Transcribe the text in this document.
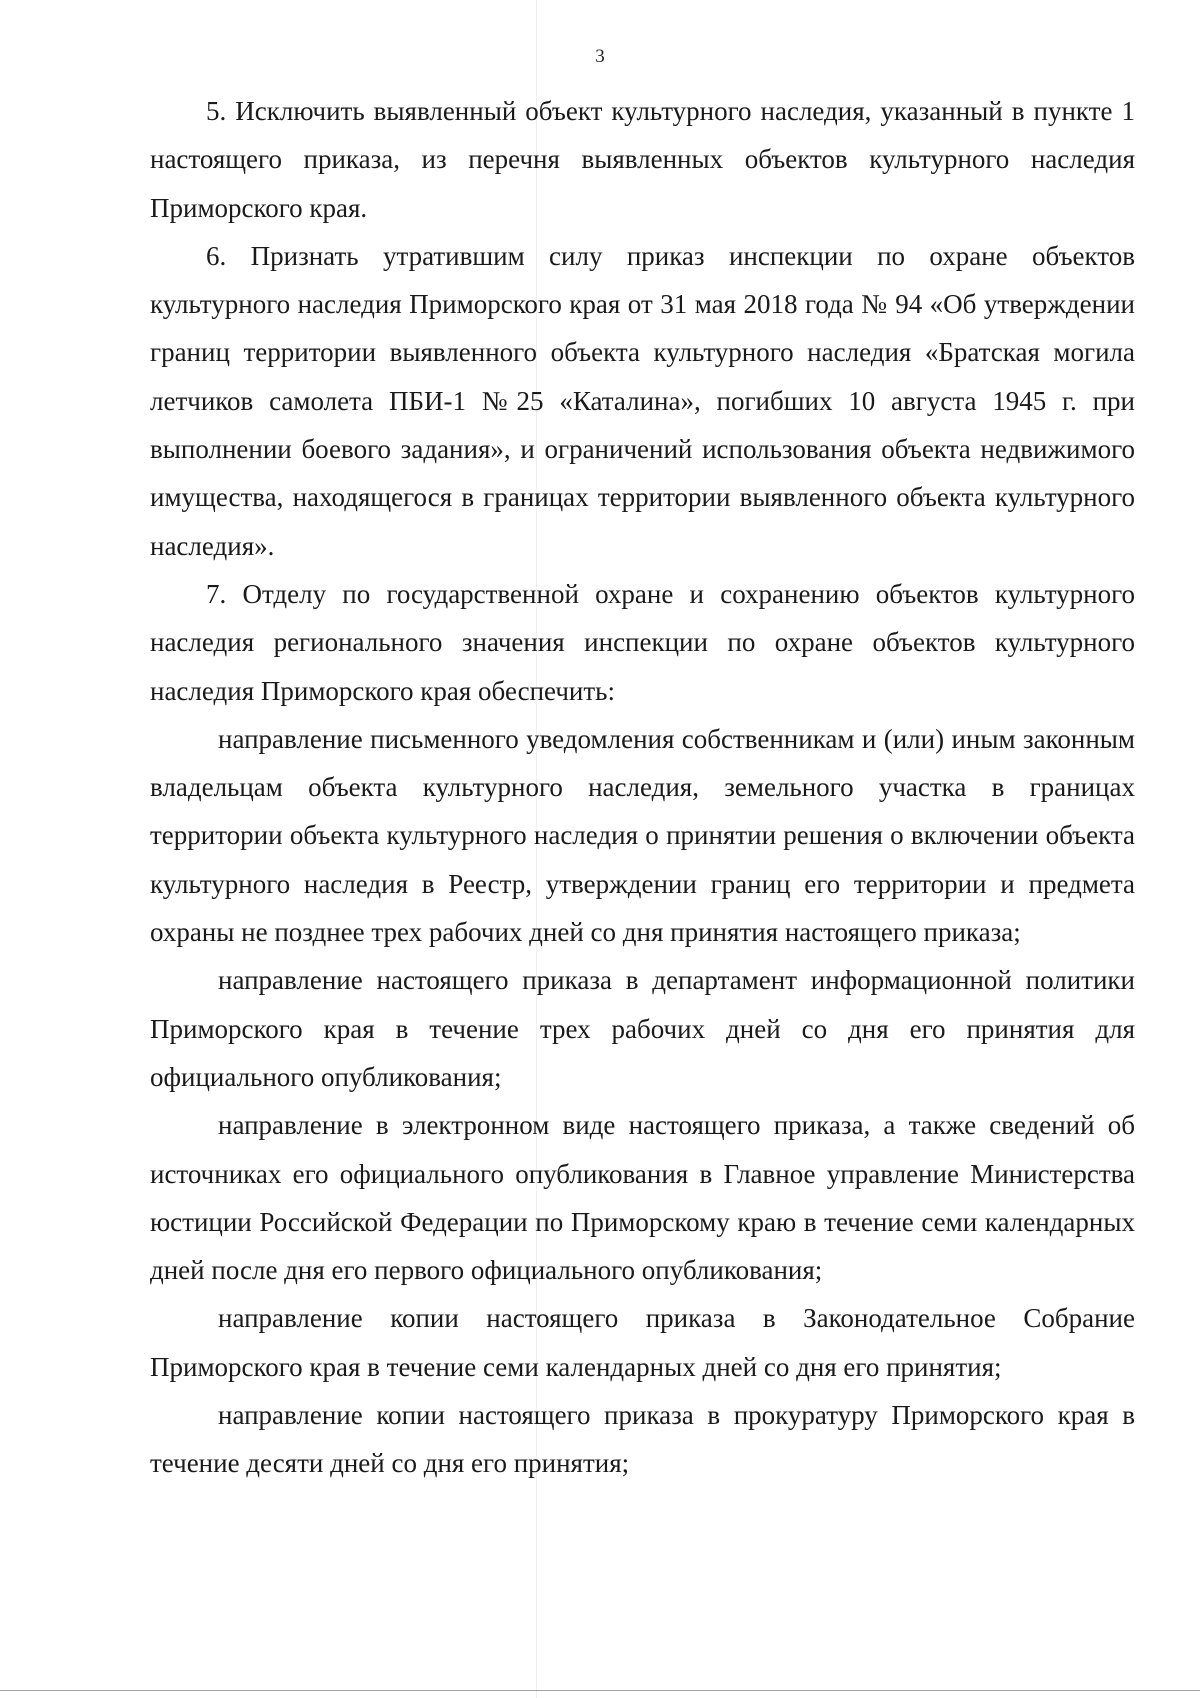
3

5. Исключить выявленный объект культурного наследия, указанный в пункте 1 настоящего приказа, из перечня выявленных объектов культурного наследия Приморского края.

6. Признать утратившим силу приказ инспекции по охране объектов культурного наследия Приморского края от 31 мая 2018 года № 94 «Об утверждении границ территории выявленного объекта культурного наследия «Братская могила летчиков самолета ПБИ-1 №25 «Каталина», погибших 10 августа 1945 г. при выполнении боевого задания», и ограничений использования объекта недвижимого имущества, находящегося в границах территории выявленного объекта культурного наследия».

7. Отделу по государственной охране и сохранению объектов культурного наследия регионального значения инспекции по охране объектов культурного наследия Приморского края обеспечить:

направление письменного уведомления собственникам и (или) иным законным владельцам объекта культурного наследия, земельного участка в границах территории объекта культурного наследия о принятии решения о включении объекта культурного наследия в Реестр, утверждении границ его территории и предмета охраны не позднее трех рабочих дней со дня принятия настоящего приказа;

направление настоящего приказа в департамент информационной политики Приморского края в течение трех рабочих дней со дня его принятия для официального опубликования;

направление в электронном виде настоящего приказа, а также сведений об источниках его официального опубликования в Главное управление Министерства юстиции Российской Федерации по Приморскому краю в течение семи календарных дней после дня его первого официального опубликования;

направление копии настоящего приказа в Законодательное Собрание Приморского края в течение семи календарных дней со дня его принятия;

направление копии настоящего приказа в прокуратуру Приморского края в течение десяти дней со дня его принятия;
